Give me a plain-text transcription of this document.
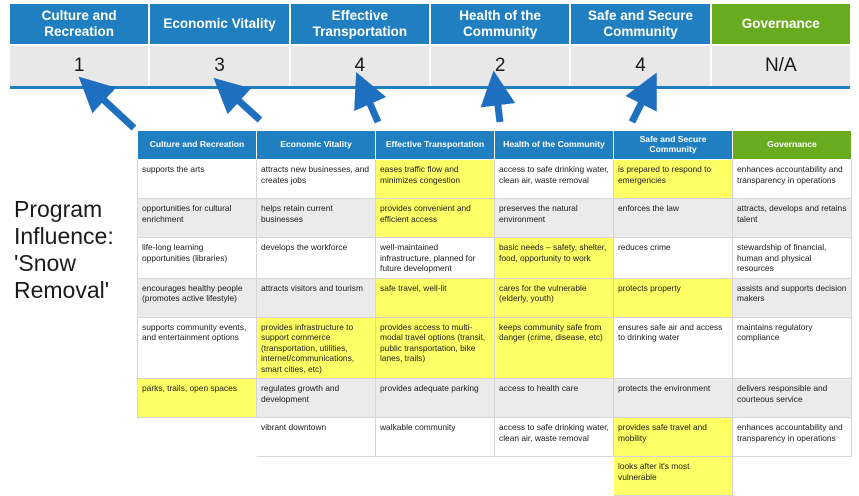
Culture and Recreation
Economic Vitality
Effective Transportation
Health of the Community
Safe and Secure Community
Governance
1	3	4	2	4	N/A
Program
Influence:
'Snow
Removal'
Culture and Recreation	Economic Vitality	Effective Transportation	Health of the Community	Safe and Secure Community	Governance
supports the arts	attracts new businesses, and creates jobs	eases traffic flow and minimizes congestion	access to safe drinking water, clean air, waste removal	is prepared to respond to emergencies	enhances accountability and transparency in operations
opportunities for cultural enrichment	helps retain current businesses	provides convenient and efficient access	preserves the natural environment	enforces the law	attracts, develops and retains talent
life-long learning opportunities (libraries)	develops the workforce	well-maintained infrastructure, planned for future development	basic needs – safety, shelter, food, opportunity to work	reduces crime	stewardship of financial, human and physical resources
encourages healthy people (promotes active lifestyle)	attracts visitors and tourism	safe travel, well-lit	cares for the vulnerable (elderly, youth)	protects property	assists and supports decision makers
supports community events, and entertainment options	provides infrastructure to support commerce (transportation, utilities, internet/communications, smart cities, etc)	provides access to multi-modal travel options (transit, public transportation, bike lanes, trails)	keeps community safe from danger (crime, disease, etc)	ensures safe air and access to drinking water	maintains regulatory compliance
parks, trails, open spaces	regulates growth and development	provides adequate parking	access to health care	protects the environment	delivers responsible and courteous service
	vibrant downtown	walkable community	access to safe drinking water, clean air, waste removal	provides safe travel and mobility	enhances accountability and transparency in operations
				looks after it's most vulnerable	
